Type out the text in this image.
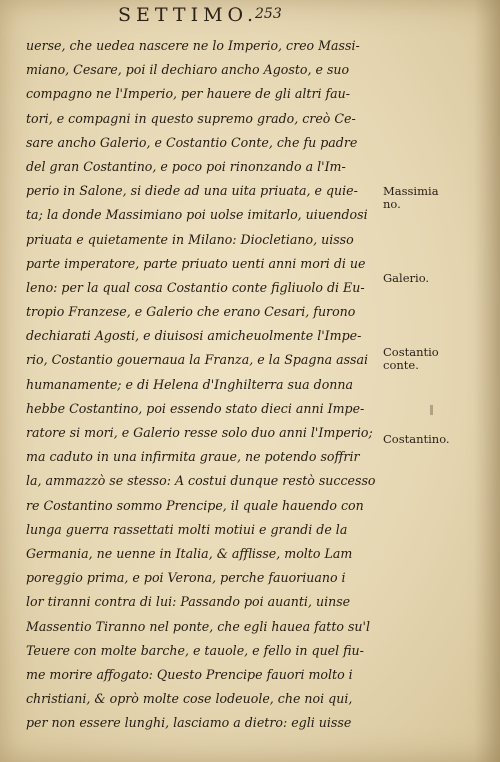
SETTIMO.
253
uerse, che uedea nascere ne lo Imperio, creo Massi-
miano, Cesare, poi il dechiaro ancho Agosto, e suo
compagno ne l'Imperio, per hauere de gli altri fau-
tori, e compagni in questo supremo grado, creò Ce-
sare ancho Galerio, e Costantio Conte, che fu padre
del gran Costantino, e poco poi rinonzando a l'Im-
perio in Salone, si diede ad una uita priuata, e quie-
ta; la donde Massimiano poi uolse imitarlo, uiuendosi
priuata e quietamente in Milano: Diocletiano, uisso
parte imperatore, parte priuato uenti anni mori di ue
leno: per la qual cosa Costantio conte figliuolo di Eu-
tropio Franzese, e Galerio che erano Cesari, furono
dechiarati Agosti, e diuisosi amicheuolmente l'Impe-
rio, Costantio gouernaua la Franza, e la Spagna assai
humanamente; e di Helena d'Inghilterra sua donna
hebbe Costantino, poi essendo stato dieci anni Impe-
ratore si mori, e Galerio resse solo duo anni l'Imperio;
ma caduto in una infirmita graue, ne potendo soffrir
la, ammazzò se stesso: A costui dunque restò successo
re Costantino sommo Prencipe, il quale hauendo con
lunga guerra rassettati molti motiui e grandi de la
Germania, ne uenne in Italia, & afflisse, molto Lam
poreggio prima, e poi Verona, perche fauoriuano i
lor tiranni contra di lui: Passando poi auanti, uinse
Massentio Tiranno nel ponte, che egli hauea fatto su'l
Teuere con molte barche, e tauole, e fello in quel fiu-
me morire affogato: Questo Prencipe fauori molto i
christiani, & oprò molte cose lodeuole, che noi qui,
per non essere lunghi, lasciamo a dietro: egli uisse
Massimia
no.
Galerio.
Costantio
conte.
Costantino.
